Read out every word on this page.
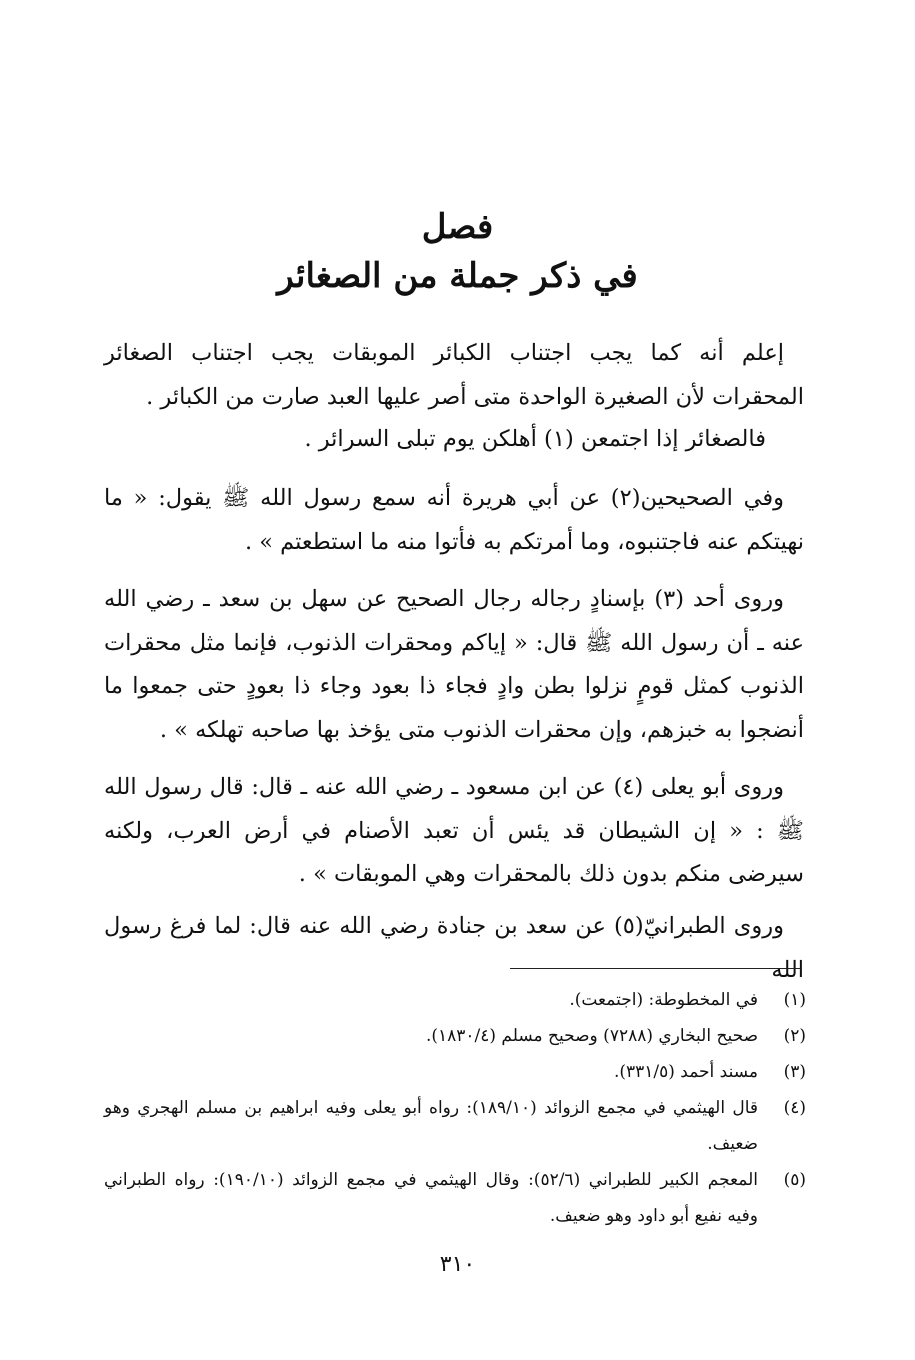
فصل
في ذكر جملة من الصغائر

إعلم أنه كما يجب اجتناب الكبائر الموبقات يجب اجتناب الصغائر المحقرات لأن الصغيرة الواحدة متى أصر عليها العبد صارت من الكبائر .

فالصغائر إذا اجتمعن (١) أهلكن يوم تبلى السرائر .

وفي الصحيحين(٢) عن أبي هريرة أنه سمع رسول الله ﷺ يقول: « ما نهيتكم عنه فاجتنبوه، وما أمرتكم به فأتوا منه ما استطعتم » .

وروى أحد (٣) بإسنادٍ رجاله رجال الصحيح عن سهل بن سعد ـ رضي الله عنه ـ أن رسول الله ﷺ قال: « إياكم ومحقرات الذنوب، فإنما مثل محقرات الذنوب كمثل قومٍ نزلوا بطن وادٍ فجاء ذا بعود وجاء ذا بعودٍ حتى جمعوا ما أنضجوا به خبزهم، وإن محقرات الذنوب متى يؤخذ بها صاحبه تهلكه » .

وروى أبو يعلى (٤) عن ابن مسعود ـ رضي الله عنه ـ قال: قال رسول الله ﷺ : « إن الشيطان قد يئس أن تعبد الأصنام في أرض العرب، ولكنه سيرضى منكم بدون ذلك بالمحقرات وهي الموبقات » .

وروى الطبرانيّ(٥) عن سعد بن جنادة رضي الله عنه قال: لما فرغ رسول الله

(١)
في المخطوطة: (اجتمعت).
(٢)
صحيح البخاري (٧٢٨٨) وصحيح مسلم (١٨٣٠/٤).
(٣)
مسند أحمد (٣٣١/٥).
(٤)
قال الهيثمي في مجمع الزوائد (١٨٩/١٠): رواه أبو يعلى وفيه ابراهيم بن مسلم الهجري وهو ضعيف.
(٥)
المعجم الكبير للطبراني (٥٢/٦): وقال الهيثمي في مجمع الزوائد (١٩٠/١٠): رواه الطبراني وفيه نفيع أبو داود وهو ضعيف.
٣١٠
